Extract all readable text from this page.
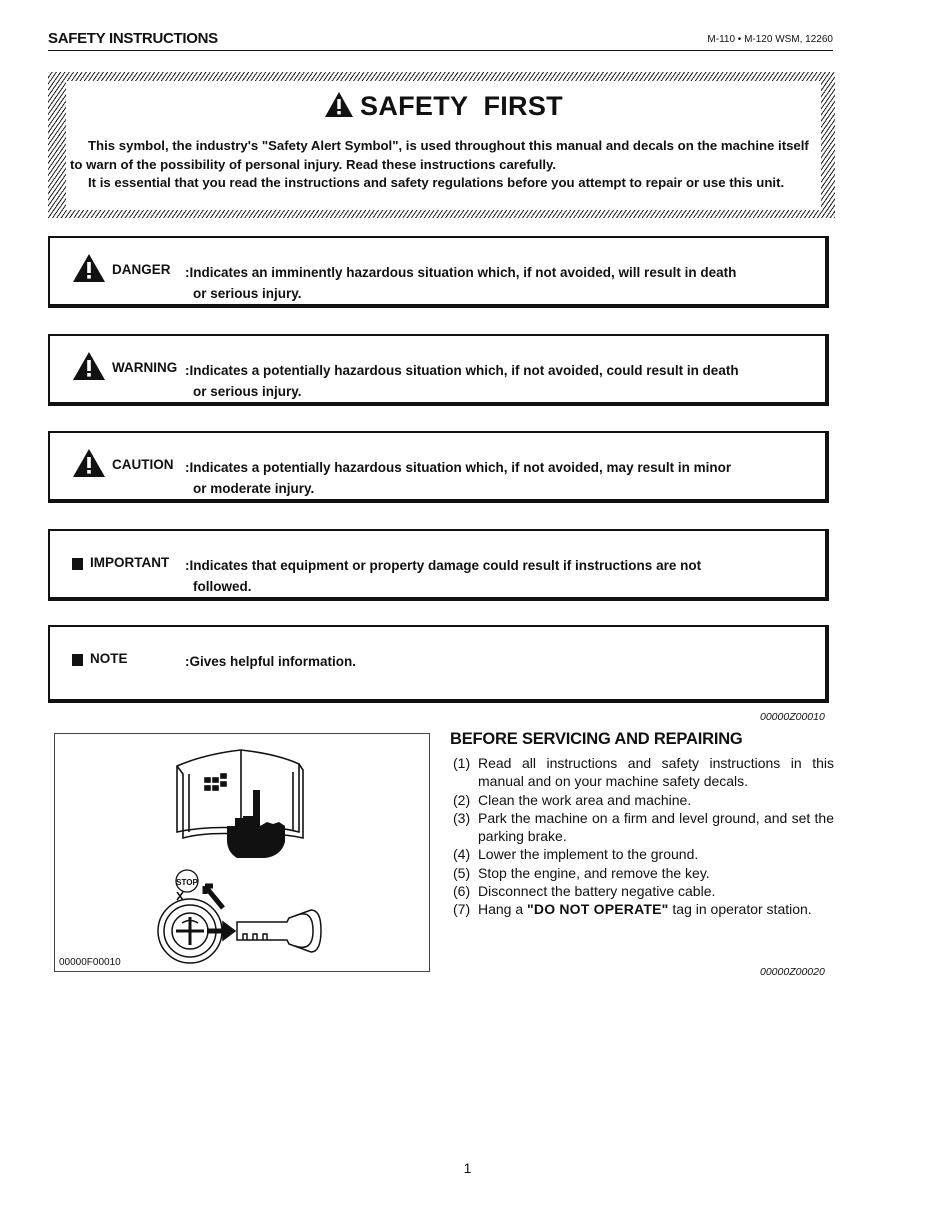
SAFETY INSTRUCTIONS	M-110 • M-120 WSM, 12260
SAFETY  FIRST

This symbol, the industry's "Safety Alert Symbol", is used throughout this manual and decals on the machine itself to warn of the possibility of personal injury. Read these instructions carefully.

It is essential that you read the instructions and safety regulations before you attempt to repair or use this unit.

DANGER :Indicates an imminently hazardous situation which, if not avoided, will result in death
or serious injury.
WARNING :Indicates a potentially hazardous situation which, if not avoided, could result in death
or serious injury.
CAUTION :Indicates a potentially hazardous situation which, if not avoided, may result in minor
or moderate injury.
IMPORTANT :Indicates that equipment or property damage could result if instructions are not
followed.
NOTE	:Gives helpful information.
00000Z00010
STOP
00000F00010
BEFORE SERVICING AND REPAIRING
(1) Read all instructions and safety instructions in this manual and on your machine safety decals.
(2) Clean the work area and machine.
(3) Park the machine on a firm and level ground, and set the parking brake.
(4) Lower the implement to the ground.
(5) Stop the engine, and remove the key.
(6) Disconnect the battery negative cable.
(7) Hang a "DO NOT OPERATE" tag in operator station.
00000Z00020
1
